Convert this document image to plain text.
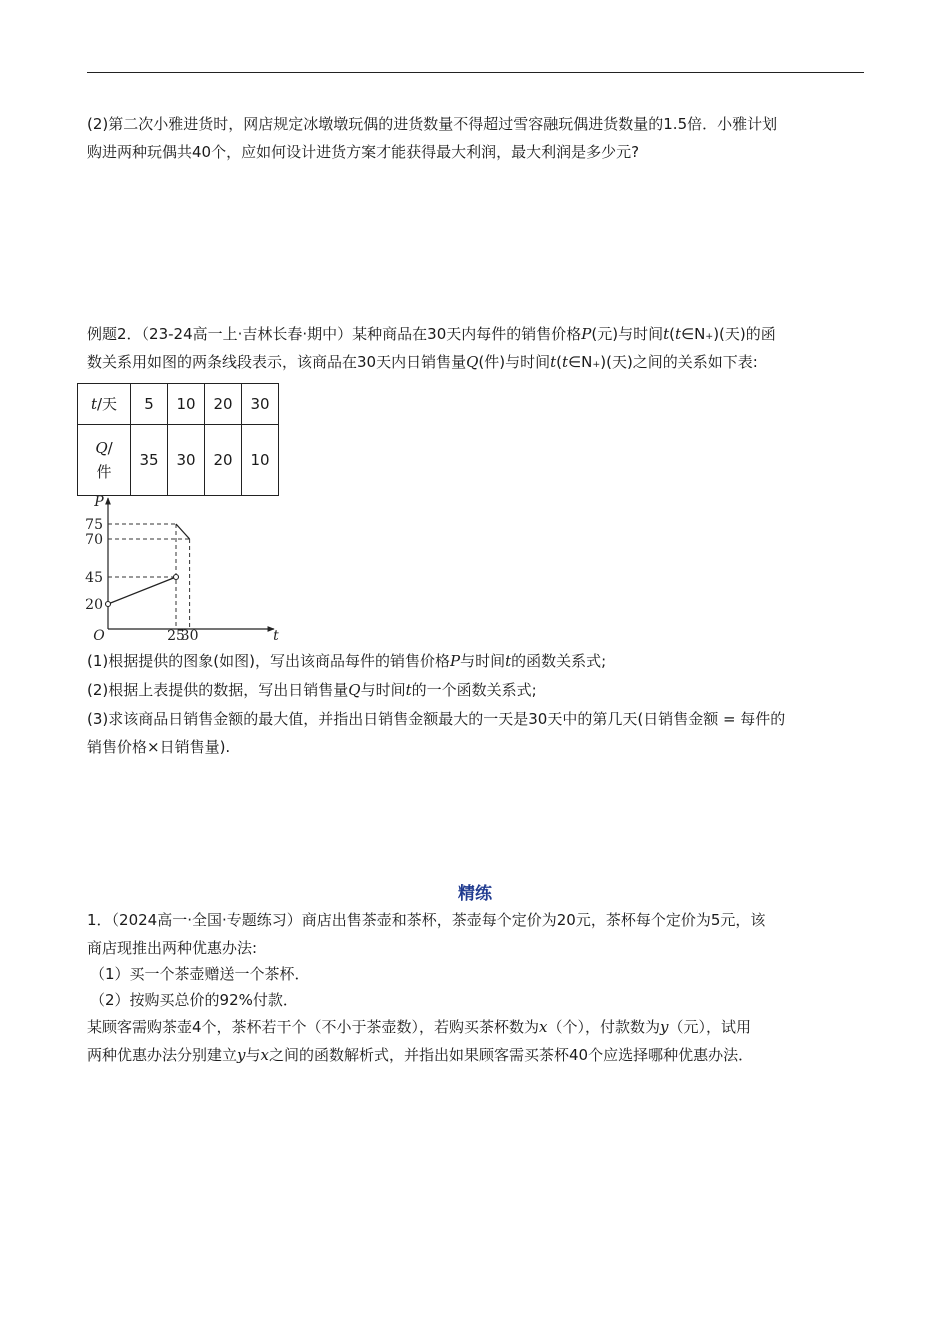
(2)第二次小雅进货时，网店规定冰墩墩玩偶的进货数量不得超过雪容融玩偶进货数量的1.5倍．小雅计划
购进两种玩偶共40个，应如何设计进货方案才能获得最大利润，最大利润是多少元?

例题2．（23-24高一上·吉林长春·期中）某种商品在30天内每件的销售价格P(元)与时间t(t∈N₊)(天)的函
数关系用如图的两条线段表示，该商品在30天内日销售量Q(件)与时间t(t∈N₊)(天)之间的关系如下表:

t/天	5	10	20	30
Q/
件	35	30	20	10
P
t
O
20
45
70
75
25
30

(1)根据提供的图象(如图)，写出该商品每件的销售价格P与时间t的函数关系式;

(2)根据上表提供的数据，写出日销售量Q与时间t的一个函数关系式;

(3)求该商品日销售金额的最大值，并指出日销售金额最大的一天是30天中的第几天(日销售金额 = 每件的
销售价格×日销售量).

精练

1．（2024高一·全国·专题练习）商店出售茶壶和茶杯，茶壶每个定价为20元，茶杯每个定价为5元，该
商店现推出两种优惠办法:

（1）买一个茶壶赠送一个茶杯．

（2）按购买总价的92%付款．

某顾客需购茶壶4个，茶杯若干个（不小于茶壶数），若购买茶杯数为x（个），付款数为y（元），试用
两种优惠办法分别建立y与x之间的函数解析式，并指出如果顾客需买茶杯40个应选择哪种优惠办法．
